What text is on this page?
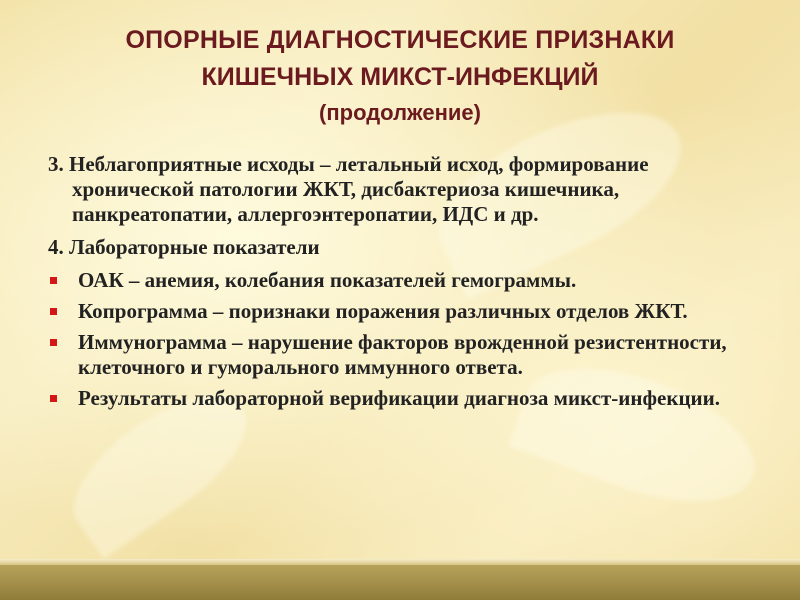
ОПОРНЫЕ ДИАГНОСТИЧЕСКИЕ ПРИЗНАКИ
КИШЕЧНЫХ МИКСТ-ИНФЕКЦИЙ
(продолжение)

3. Неблагоприятные исходы – летальный исход, формирование хронической патологии ЖКТ, дисбактериоза кишечника, панкреатопатии, аллергоэнтеропатии, ИДС и др.

4. Лабораторные показатели

ОАК – анемия, колебания показателей гемограммы.
Копрограмма – поризнаки поражения различных отделов ЖКТ.
Иммунограмма – нарушение факторов врожденной резистентности, клеточного и гуморального иммунного ответа.
Результаты лабораторной верификации диагноза микст-инфекции.
